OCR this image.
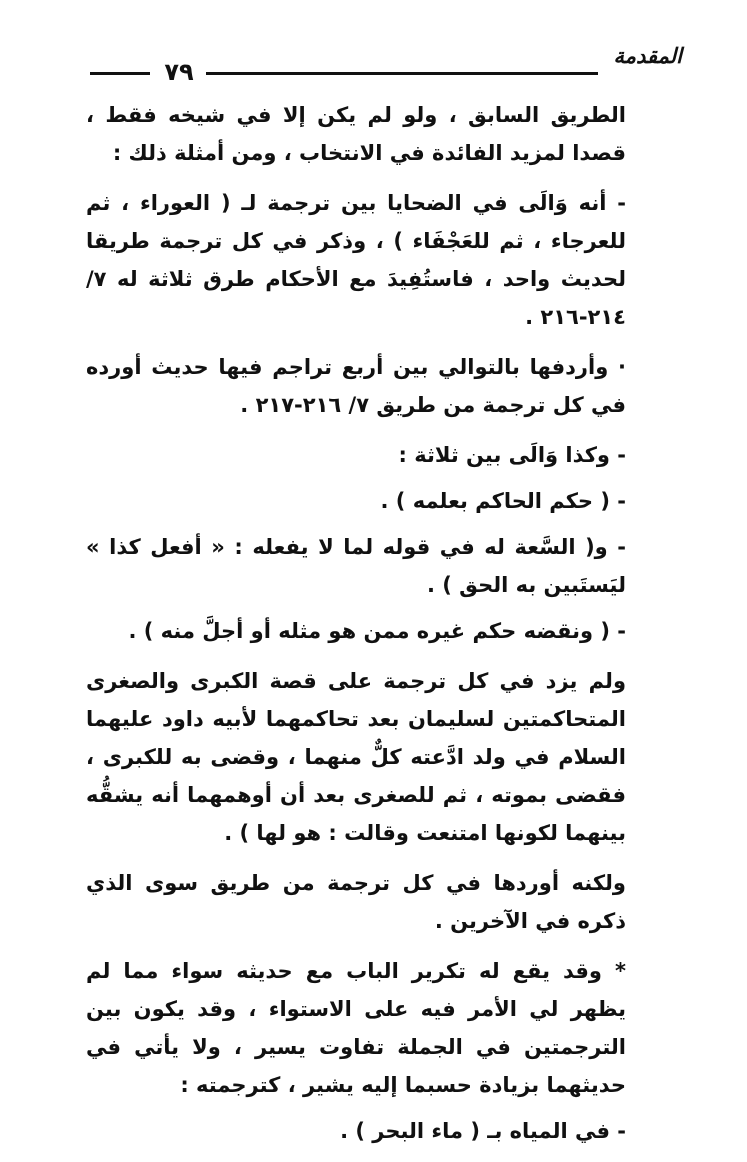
المقدمة
٧٩

الطريق السابق ، ولو لم يكن إلا في شيخه فقط ، قصدا لمزيد الفائدة في الانتخاب ، ومن أمثلة ذلك :

- أنه وَالَى في الضحايا بين ترجمة لـ ( العوراء ، ثم للعرجاء ، ثم للعَجْفَاء ) ، وذكر في كل ترجمة طريقا لحديث واحد ، فاستُفِيدَ مع الأحكام طرق ثلاثة له ٧/ ٢١٤-٢١٦ .

· وأردفها بالتوالي بين أربع تراجم فيها حديث أورده في كل ترجمة من طريق ٧/ ٢١٦-٢١٧ .

- وكذا وَالَى بين ثلاثة :

- ( حكم الحاكم بعلمه ) .

- و( السَّعة له في قوله لما لا يفعله : « أفعل كذا » ليَستَبين به الحق ) .

- ( ونقضه حكم غيره ممن هو مثله أو أجلَّ منه ) .

ولم يزد في كل ترجمة على قصة الكبرى والصغرى المتحاكمتين لسليمان بعد تحاكمهما لأبيه داود عليهما السلام في ولد ادَّعته كلٌّ منهما ، وقضى به للكبرى ، فقضى بموته ، ثم للصغرى بعد أن أوهمهما أنه يشقُّه بينهما لكونها امتنعت وقالت : هو لها ) .

ولكنه أوردها في كل ترجمة من طريق سوى الذي ذكره في الآخرين .

* وقد يقع له تكرير الباب مع حديثه سواء مما لم يظهر لي الأمر فيه على الاستواء ، وقد يكون بين الترجمتين في الجملة تفاوت يسير ، ولا يأتي في حديثهما بزيادة حسبما إليه يشير ، كترجمته :

- في المياه بـ ( ماء البحر ) .
